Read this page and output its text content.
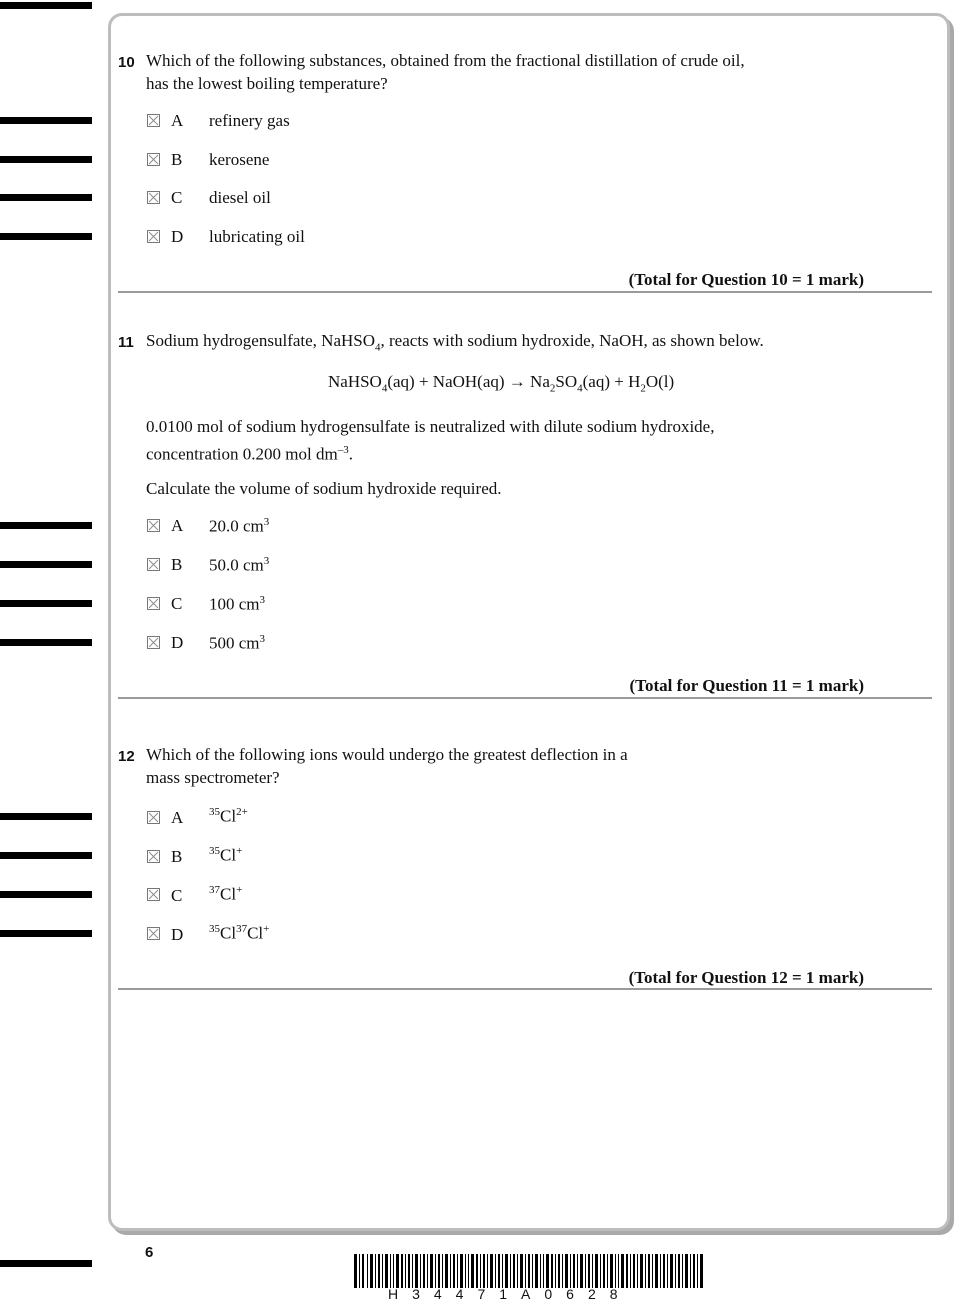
10 Which of the following substances, obtained from the fractional distillation of crude oil,
has the lowest boiling temperature?
A refinery gas
B kerosene
C diesel oil
D lubricating oil
(Total for Question 10 = 1 mark)
11 Sodium hydrogensulfate, NaHSO$_4$, reacts with sodium hydroxide, NaOH, as shown below.
NaHSO$_4$(aq) + NaOH(aq) → $Na_2SO_4(aq) + H_2O(l)$
0.0100 mol of sodium hydrogensulfate is neutralized with dilute sodium hydroxide,
concentration 0.200 mol $dm^{-3}$.
Calculate the volume of sodium hydroxide required.
A 20.0 $cm^3$
B 50.0 $cm^3$
C 100 $cm^3$
D 500 $cm^3$
(Total for Question 11 = 1 mark)
12 Which of the following ions would undergo the greatest deflection in a
mass spectrometer?
A $^{35}Cl^{2+}$
B $^{35}$Cl+
C $^{37}$Cl+
D $^{35}$Cl$^{37}$Cl+
(Total for Question 12 = 1 mark)
6
H34471A0628
